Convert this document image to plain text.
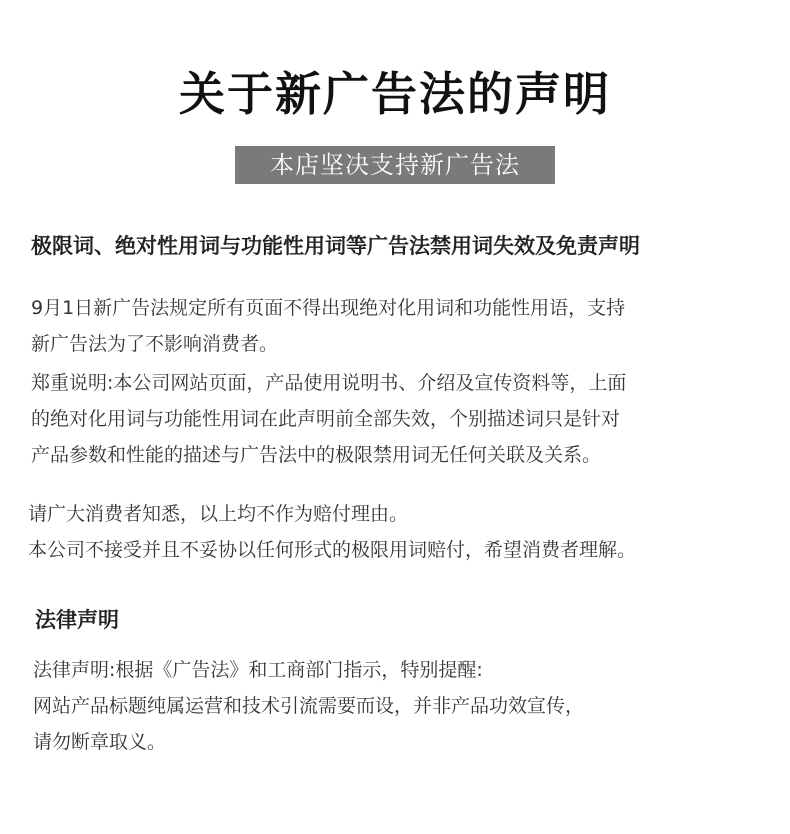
关于新广告法的声明
本店坚决支持新广告法
极限词、绝对性用词与功能性用词等广告法禁用词失效及免责声明

9月1日新广告法规定所有页面不得出现绝对化用词和功能性用语，支持
新广告法为了不影响消费者。

郑重说明:本公司网站页面，产品使用说明书、介绍及宣传资料等，上面
的绝对化用词与功能性用词在此声明前全部失效，个别描述词只是针对
产品参数和性能的描述与广告法中的极限禁用词无任何关联及关系。

请广大消费者知悉，以上均不作为赔付理由。

本公司不接受并且不妥协以任何形式的极限用词赔付，希望消费者理解。

法律声明

法律声明:根据《广告法》和工商部门指示，特别提醒:
网站产品标题纯属运营和技术引流需要而设，并非产品功效宣传，
请勿断章取义。
